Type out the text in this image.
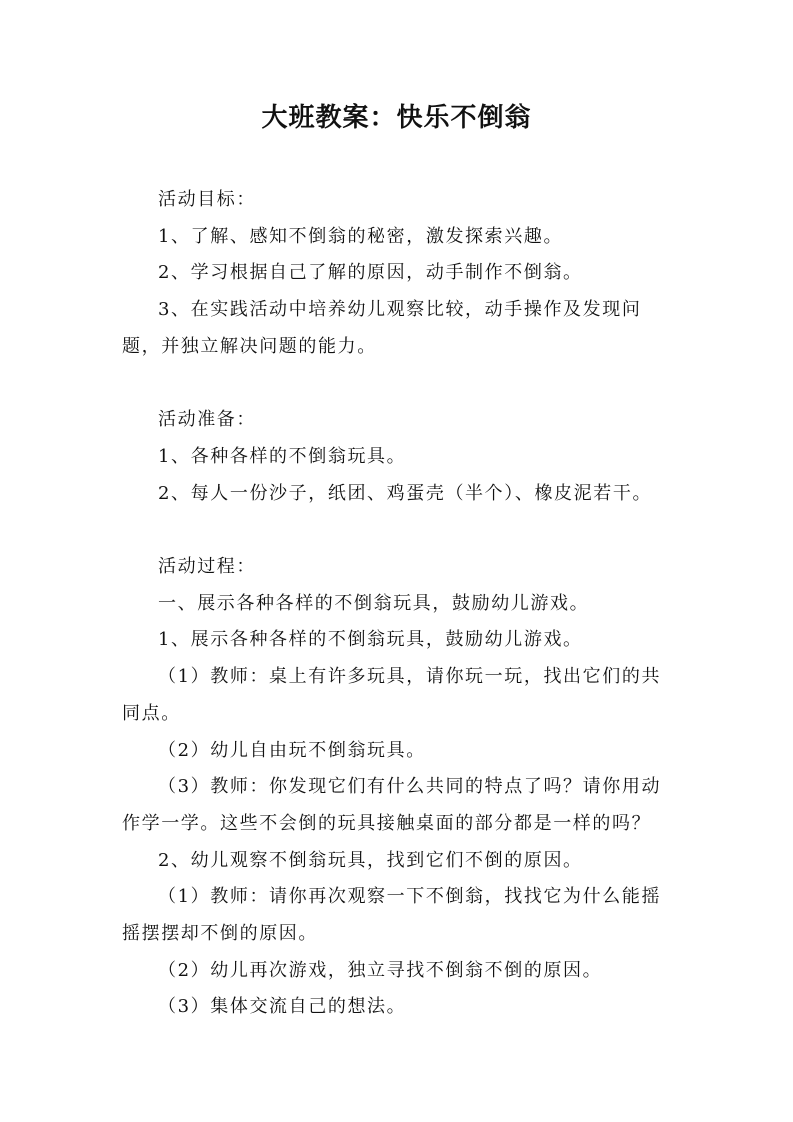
大班教案：快乐不倒翁

活动目标：

1、了解、感知不倒翁的秘密，激发探索兴趣。

2、学习根据自己了解的原因，动手制作不倒翁。

3、在实践活动中培养幼儿观察比较，动手操作及发现问题，并独立解决问题的能力。

活动准备：

1、各种各样的不倒翁玩具。

2、每人一份沙子，纸团、鸡蛋壳（半个）、橡皮泥若干。

活动过程：

一、展示各种各样的不倒翁玩具，鼓励幼儿游戏。

1、展示各种各样的不倒翁玩具，鼓励幼儿游戏。

（1）教师：桌上有许多玩具，请你玩一玩，找出它们的共同点。

（2）幼儿自由玩不倒翁玩具。

（3）教师：你发现它们有什么共同的特点了吗？请你用动作学一学。这些不会倒的玩具接触桌面的部分都是一样的吗？

2、幼儿观察不倒翁玩具，找到它们不倒的原因。

（1）教师：请你再次观察一下不倒翁，找找它为什么能摇摇摆摆却不倒的原因。

（2）幼儿再次游戏，独立寻找不倒翁不倒的原因。

（3）集体交流自己的想法。
